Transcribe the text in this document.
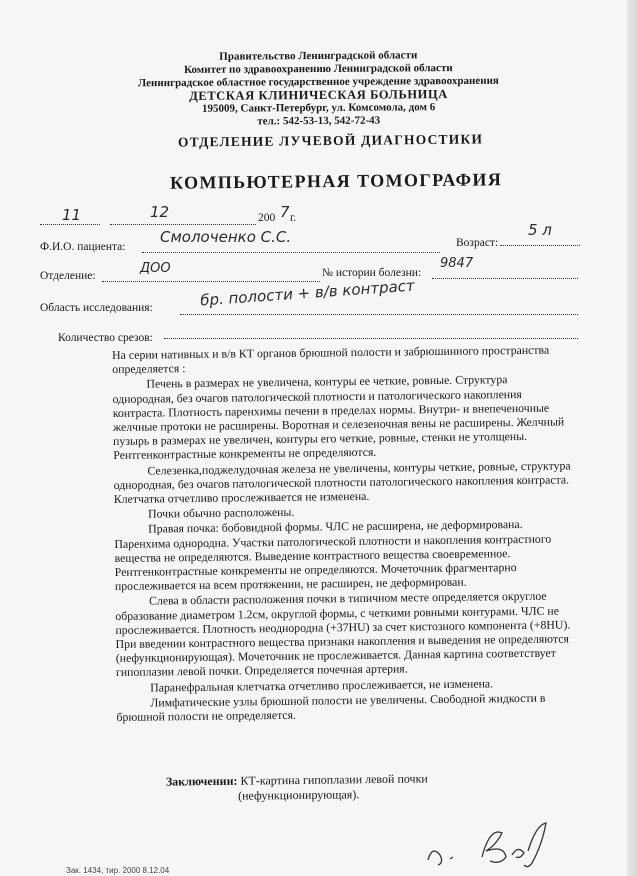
Правительство Ленинградской области
Комитет по здравоохранению Ленинградской области
Ленинградское областное государственное учреждение здравоохранения
ДЕТСКАЯ КЛИНИЧЕСКАЯ БОЛЬНИЦА
195009, Санкт-Петербург, ул. Комсомола, дом 6
тел.: 542-53-13, 542-72-43
ОТДЕЛЕНИЕ ЛУЧЕВОЙ ДИАГНОСТИКИ
КОМПЬЮТЕРНАЯ ТОМОГРАФИЯ
11	12	200 7 г.
Ф.И.О. пациента:
Смолоченко С.С.	Возраст:
5 л
Отделение:	ДОО	№ истории болезни:
9847
Область исследования:	бр. полости + в/в контраст
Количество срезов:

На серии нативных и в/в КТ органов брюшной полости и забрюшинного пространства определяется :

Печень в размерах не увеличена, контуры ее четкие, ровные. Структура однородная, без очагов патологической плотности и патологического накопления контраста. Плотность паренхимы печени в пределах нормы. Внутри- и внепеченочные желчные протоки не расширены. Воротная и селезеночная вены не расширены. Желчный пузырь в размерах не увеличен, контуры его четкие, ровные, стенки не утолщены. Рентгенконтрастные конкременты не определяются.

Селезенка,поджелудочная железа не увеличены, контуры четкие, ровные, структура однородная, без очагов патологической плотности патологического накопления контраста. Клетчатка отчетливо прослеживается не изменена.

Почки обычно расположены.

Правая почка: бобовидной формы. ЧЛС не расширена, не деформирована. Паренхима однородна. Участки патологической плотности и накопления контрастного вещества не определяются. Выведение контрастного вещества своевременное. Рентгенконтрастные конкременты не определяются. Мочеточник фрагментарно прослеживается на всем протяжении, не расширен, не деформирован.

Слева в области расположения почки в типичном месте определяется округлое образование диаметром 1.2см, округлой формы, с четкими ровными контурами. ЧЛС не прослеживается. Плотность неоднородна (+37HU) за счет кистозного компонента (+8HU). При введении контрастного вещества признаки накопления и выведения не определяются (нефункционирующая). Мочеточник не прослеживается. Данная картина соответствует гипоплазии левой почки. Определяется почечная артерия.

Паранефральная клетчатка отчетливо прослеживается, не изменена.

Лимфатические узлы брюшной полости не увеличены. Свободной жидкости в брюшной полости не определяется.

Заключении: КТ-картина гипоплазии левой почки
(нефункционирующая).
Зак. 1434, тир. 2000 8.12.04
